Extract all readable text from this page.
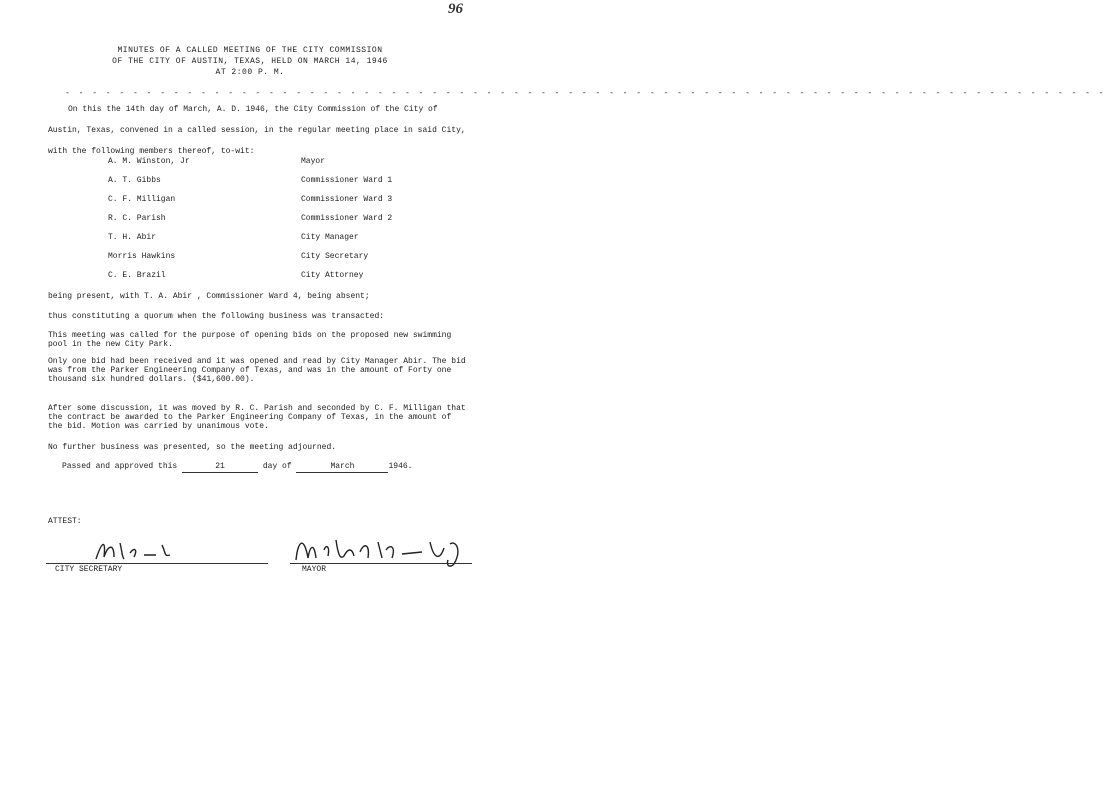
96
MINUTES OF A CALLED MEETING OF THE CITY COMMISSION
OF THE CITY OF AUSTIN, TEXAS, HELD ON MARCH 14, 1946
AT 2:00 P. M.
- - - - - - - - - - - - - - - - - - - - - - - - - - - - - - - - - - - - - - - - - - - - - - - - - - - - - - - - - - - - - - - - - - - - - - - - - - - - -
On this the 14th day of March, A. D. 1946, the City Commission of the City of Austin, Texas, convened in a called session, in the regular meeting place in said City, with the following members thereof, to-wit:
A. M. Winston, Jr	Mayor
A. T. Gibbs	Commissioner Ward 1
C. F. Milligan	Commissioner Ward 3
R. C. Parish	Commissioner Ward 2
T. H. Abir	City Manager
Morris Hawkins	City Secretary
C. E. Brazil	City Attorney
being present, with T. A. Abir , Commissioner Ward 4, being absent;
thus constituting a quorum when the following business was transacted:
This meeting was called for the purpose of opening bids on the proposed new swimming pool in the new City Park.
Only one bid had been received and it was opened and read by City Manager Abir. The bid was from the Parker Engineering Company of Texas, and was in the amount of Forty one thousand six hundred dollars. ($41,600.00).
After some discussion, it was moved by R. C. Parish and seconded by C. F. Milligan that the contract be awarded to the Parker Engineering Company of Texas, in the amount of the bid. Motion was carried by unanimous vote.
No further business was presented, so the meeting adjourned.
Passed and approved this	21	day of	March	1946.
ATTEST:
CITY SECRETARY	MAYOR
